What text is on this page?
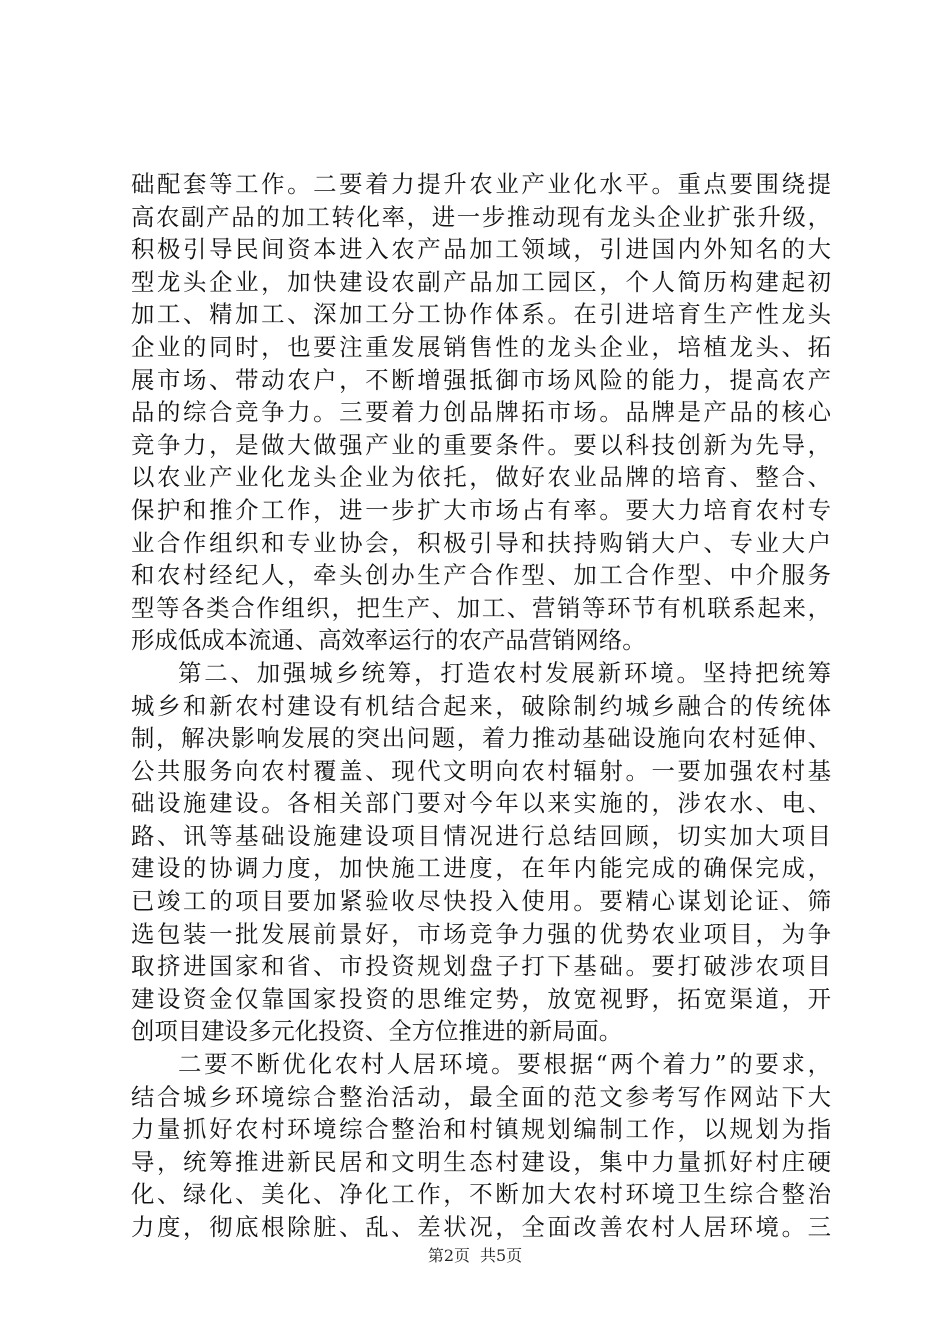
础配套等工作。二要着力提升农业产业化水平。重点要围绕提
高农副产品的加工转化率，进一步推动现有龙头企业扩张升级，
积极引导民间资本进入农产品加工领域，引进国内外知名的大
型龙头企业，加快建设农副产品加工园区，个人简历构建起初
加工、精加工、深加工分工协作体系。在引进培育生产性龙头
企业的同时，也要注重发展销售性的龙头企业，培植龙头、拓
展市场、带动农户，不断增强抵御市场风险的能力，提高农产
品的综合竞争力。三要着力创品牌拓市场。品牌是产品的核心
竞争力，是做大做强产业的重要条件。要以科技创新为先导，
以农业产业化龙头企业为依托，做好农业品牌的培育、整合、
保护和推介工作，进一步扩大市场占有率。要大力培育农村专
业合作组织和专业协会，积极引导和扶持购销大户、专业大户
和农村经纪人，牵头创办生产合作型、加工合作型、中介服务
型等各类合作组织，把生产、加工、营销等环节有机联系起来，
形成低成本流通、高效率运行的农产品营销网络。
第二、加强城乡统筹，打造农村发展新环境。坚持把统筹
城乡和新农村建设有机结合起来，破除制约城乡融合的传统体
制，解决影响发展的突出问题，着力推动基础设施向农村延伸、
公共服务向农村覆盖、现代文明向农村辐射。一要加强农村基
础设施建设。各相关部门要对今年以来实施的，涉农水、电、
路、讯等基础设施建设项目情况进行总结回顾，切实加大项目
建设的协调力度，加快施工进度，在年内能完成的确保完成，
已竣工的项目要加紧验收尽快投入使用。要精心谋划论证、筛
选包装一批发展前景好，市场竞争力强的优势农业项目，为争
取挤进国家和省、市投资规划盘子打下基础。要打破涉农项目
建设资金仅靠国家投资的思维定势，放宽视野，拓宽渠道，开
创项目建设多元化投资、全方位推进的新局面。
二要不断优化农村人居环境。要根据“两个着力”的要求，
结合城乡环境综合整治活动，最全面的范文参考写作网站下大
力量抓好农村环境综合整治和村镇规划编制工作，以规划为指
导，统筹推进新民居和文明生态村建设，集中力量抓好村庄硬
化、绿化、美化、净化工作，不断加大农村环境卫生综合整治
力度，彻底根除脏、乱、差状况，全面改善农村人居环境。三
第2页 共5页
